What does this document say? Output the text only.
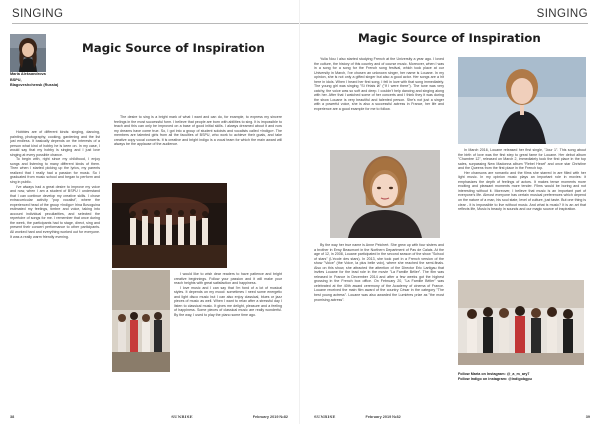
SINGING
Magic Source of Inspiration
Maria Aleksandrova
BSPU,
Blagoveshchensk (Russia)

Hobbies are of different kinds: singing, dancing, painting, photography, cooking, gardening and the list just endless. It basically depends on the interests of a person what kind of hobby he is keen on. In my case, I would say that my hobby is singing and I just love singing at every possible chance.

To begin with, right since my childhood, I enjoy songs and listening to many different kinds of them. Then when I started picking up the lyrics, my parents realized that I really had a passion for music. So I graduated from music school and began to perform and sing in public.

I've always had a great desire to improve my voice and now, when I am a student of BSPU I understand that I can continue develop my creative skills. I chose extracurricular activity "pop vocalist", where the experienced head of the group «Indigo» Irina Bovoguina estimated my feelings, timbre and voice, taking into account individual peculiarities, and selected the repertoire of songs for me. I remember that once during the week, the participants had to stage, direct, sing and present their concert performance to other participants. All worked hard and everything worked out for everyone. It was a really warm friendly evening.

The desire to sing is a bright mark of what I want and can do, for example, to express my sincere feelings in the most successful form. I believe that people are born with abilities to sing. It is impossible to teach and this can only be improved on a base of good initial skills. I always dreamed about it and now my dreams have come true. So, I got into a group of student soloists and vocalists called «Indigo». The members are talented girls from all the faculties of BSPU, who work to achieve their goals, and take creative copy vocal concerts. It is creative and bright indigo is a vocal team for which the main award will always be the applause of the audience.

I would like to wish dear readers to have patience and bright creative beginnings. Follow your passion and it will make your reach heights with great satisfaction and happiness.

I love music and I can say that I'm fond of a lot of musical styles. It depends on my mood: sometimes I need some energetic and light disco music but I can also enjoy classical, blues or jazz pieces of music as well. When I want to relax after a stressful day I listen to classical music. It gives me delight, pleasure and a feeling of happiness. Some pieces of classical music are really wonderful. By the way, I used to play the piano some time ago.

38	SUNRISE	February 2019 №82
SINGING
Magic Source of Inspiration

Yulia Nou I also started studying French at the University a year ago. I loved the culture, the history of this country and of course music. Moreover, when I was in a song for a song for the French song festival, which took place at our University in March, I've chosen an unknown singer, her name is Louane. In my opinion, she is not only a gifted singer but also a good actor. Her songs are a hit here in idols. When I heard her first song, I fell in love with that song immediately. The young girl was singing "Si t'étais là" ("If I were there"). The tune was very catchy, the voice was so soft and deep. I couldn't help dancing and singing along with her. After that I watched some of her concerts and I think they it was during the show Louane is very beautiful and talented person. She's not just a singer with a powerful voice, she is also a successful actress in France, her life and experience are a good example for me to follow.

By the way her true name is Anne Peichert. She grew up with four sisters and a brother in Erwy Beaumont in the Northern Department of Pas de Calais. At the age of 12, in 2008, Louane participated in the second season of the show "School of stars" (L'école des stars). In 2013, she took part in a French version of the show "Voice" (the Voice, la plus belle voix), where she reached the semi-finals. Also on this show, she attracted the attention of the Director Eric Lartigau that invites Louane for the lead role in the movie "La Famille Bélier". The film was released in France in December 2014 and after a few weeks got the highest grossing in the French box office. On February 20, "La Famille Bélier" was celebrated at the 40th award ceremony of the Academy of cinema of France. Louane received the main film award of the country César in the category "The best young actress". Louane was also awarded the Lumières prize as "the most promising actress".

In March 2016, Louane released her first single, "Jour 1". This song about the birth of love was the first step to great fame for Louane. Her debut album "Chambre 12", released on March 2, immediately took the first place in the top sales, surpassing New Madonna album "Rebel Heart" and once star Christine and the Queens from the first place in the French top.

Her chansons are romantic and the films she starred in are filled with her light music. In my opinion music plays an important role in movies: it emphasizes the depth of feelings of actors. It makes tense moments more exciting and pleasant moments more tender. Films would be boring and not interesting without it. Moreover, I believe that music is an important part of everyone's life. Almost everyone has certain musical preferences which depend on the nature of a man, his soul state, level of culture, just taste. But one thing is clear - it is impossible to live without music. And what is music? It is an art that reflects life, Music is beauty in sounds and our magic source of inspiration.

Follow Maria on Instagram: @_a_m_ary7
Follow Indigo on instagram: @indigobgpu
SUNRISE	February 2019 №82	39
